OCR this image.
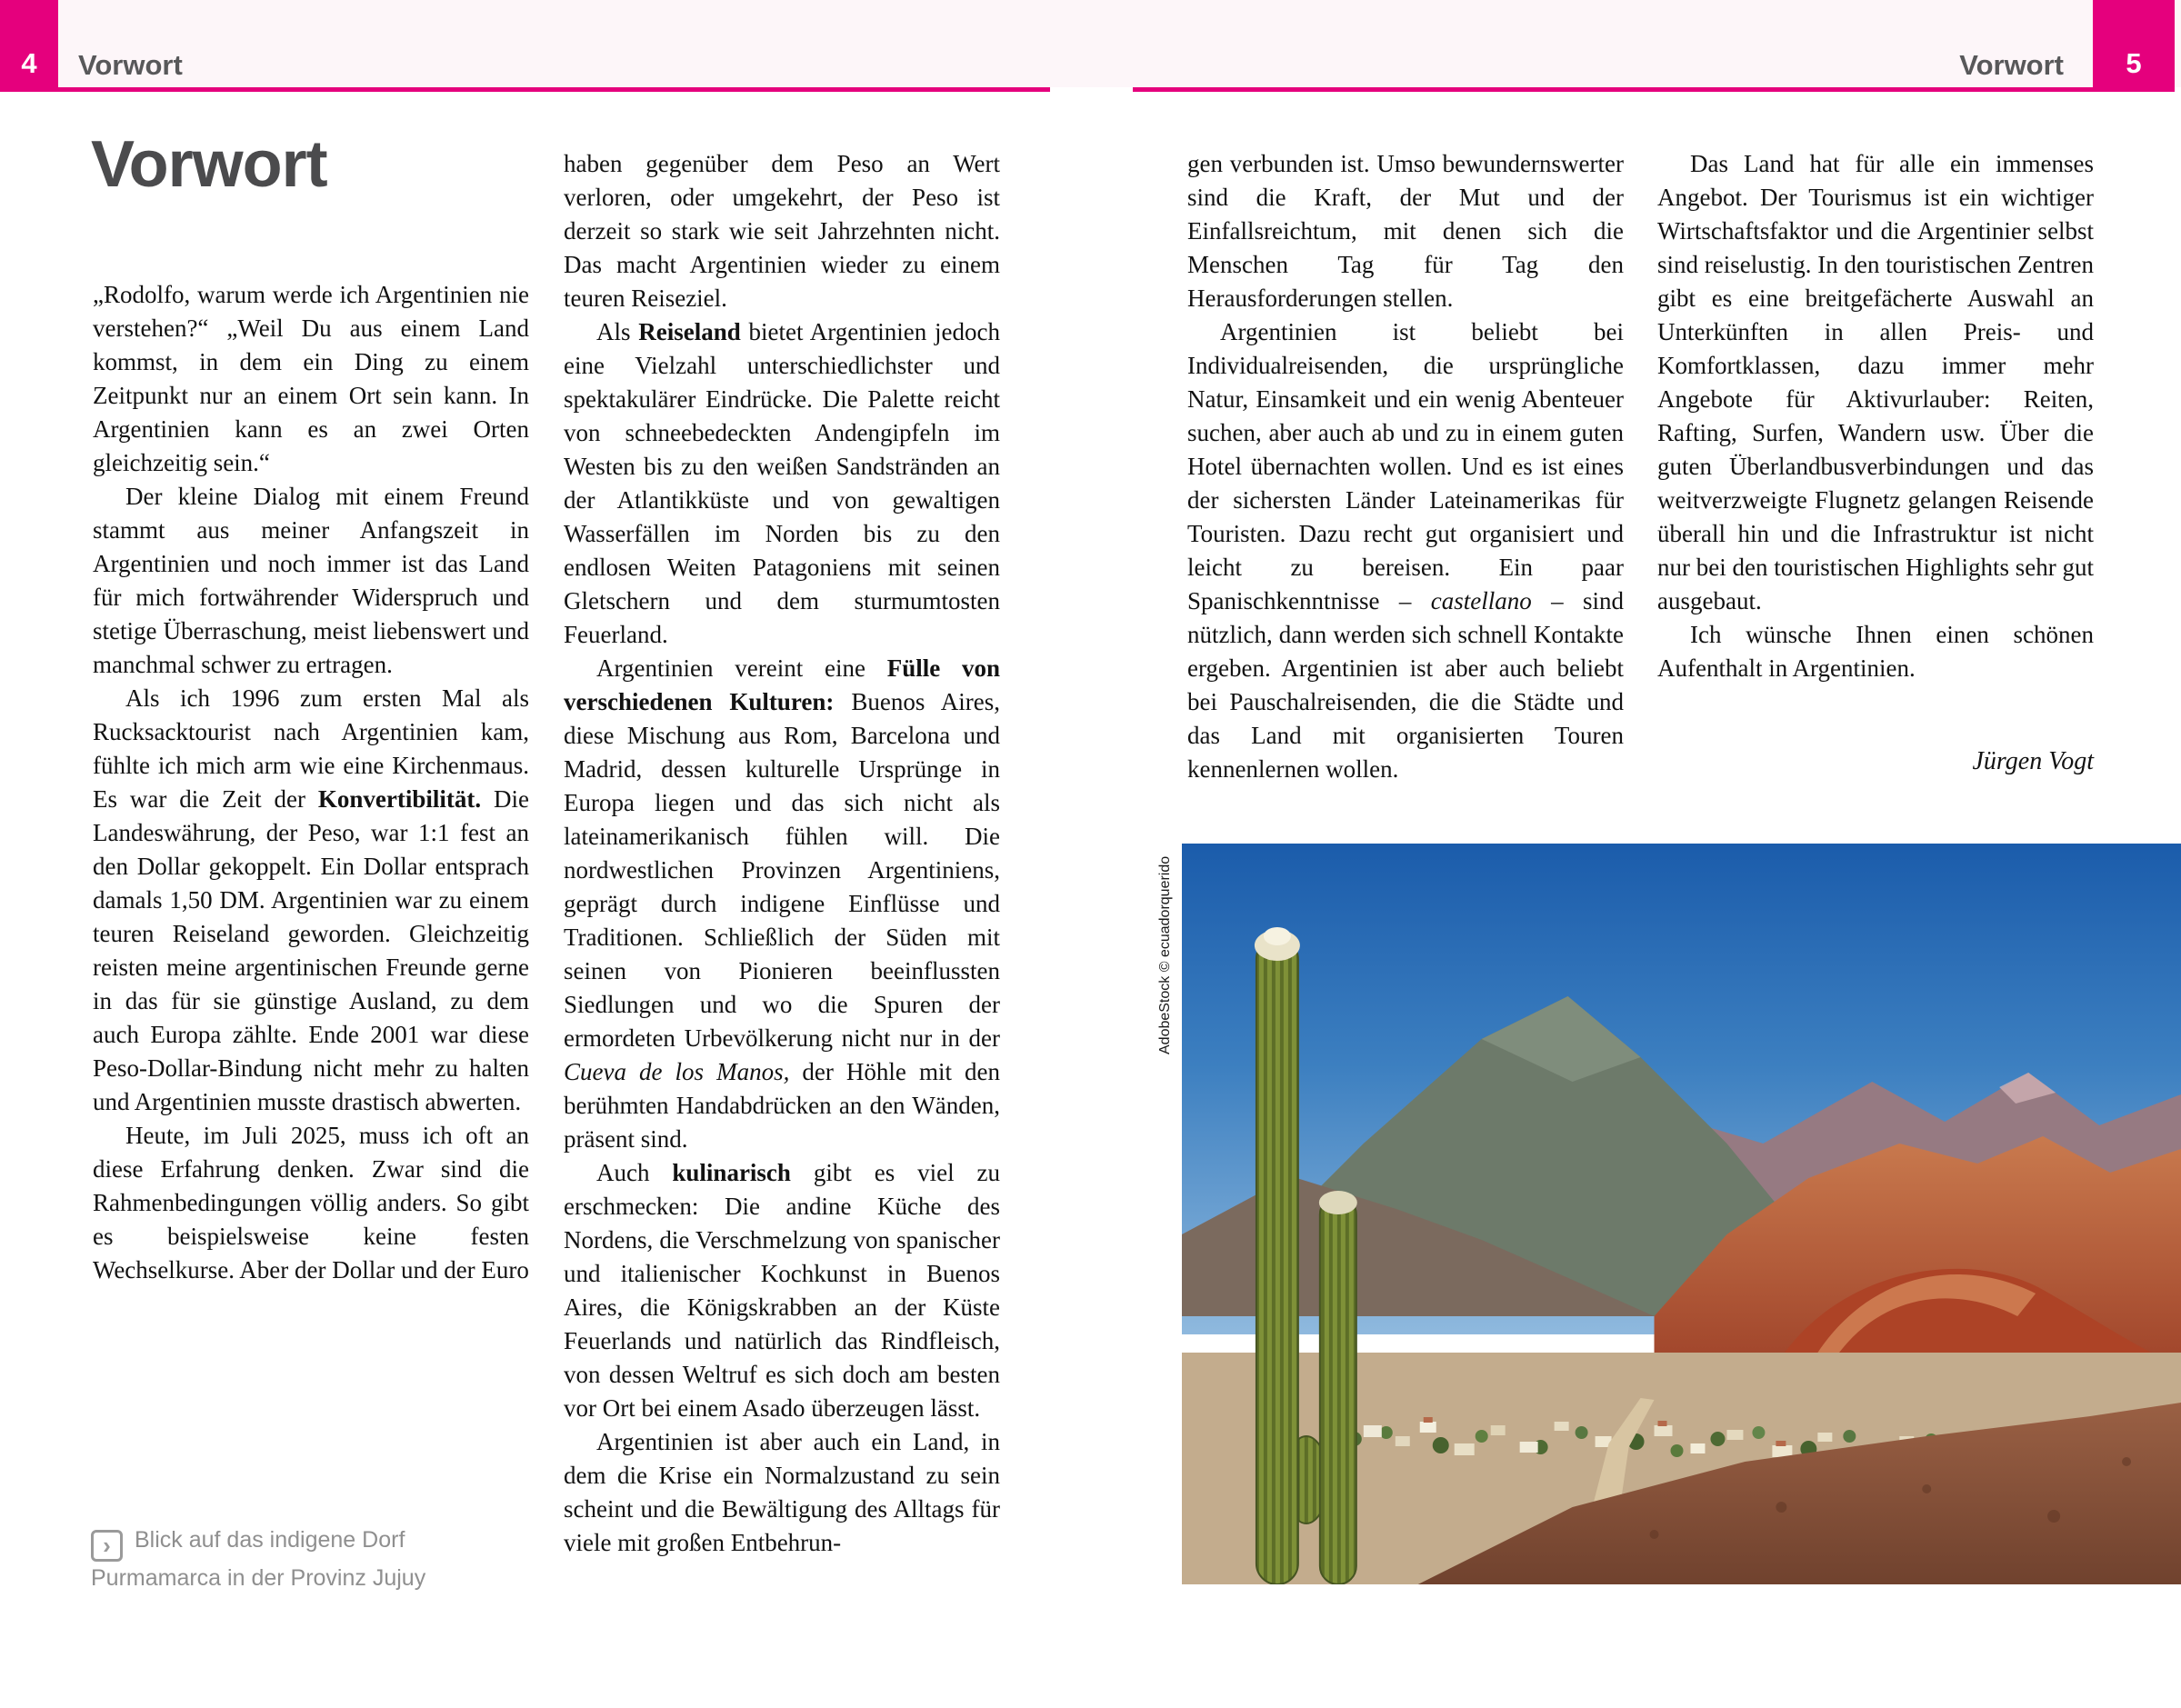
4 Vorwort	Vorwort 5
Vorwort

„Rodolfo, warum werde ich Argentinien nie verstehen?“ „Weil Du aus einem Land kommst, in dem ein Ding zu einem Zeitpunkt nur an einem Ort sein kann. In Argentinien kann es an zwei Orten gleichzeitig sein.“

Der kleine Dialog mit einem Freund stammt aus meiner Anfangszeit in Argentinien und noch immer ist das Land für mich fortwährender Widerspruch und stetige Überraschung, meist liebenswert und manchmal schwer zu ertragen.

Als ich 1996 zum ersten Mal als Rucksacktourist nach Argentinien kam, fühlte ich mich arm wie eine Kirchenmaus. Es war die Zeit der Konvertibilität. Die Landeswährung, der Peso, war 1:1 fest an den Dollar gekoppelt. Ein Dollar entsprach damals 1,50 DM. Argentinien war zu einem teuren Reiseland geworden. Gleichzeitig reisten meine argentinischen Freunde gerne in das für sie günstige Ausland, zu dem auch Europa zählte. Ende 2001 war diese Peso-Dollar-Bindung nicht mehr zu halten und Argentinien musste drastisch abwerten.

Heute, im Juli 2025, muss ich oft an diese Erfahrung denken. Zwar sind die Rahmenbedingungen völlig anders. So gibt es beispielsweise keine festen Wechselkurse. Aber der Dollar und der Euro

haben gegenüber dem Peso an Wert verloren, oder umgekehrt, der Peso ist derzeit so stark wie seit Jahrzehnten nicht. Das macht Argentinien wieder zu einem teuren Reiseziel.

Als Reiseland bietet Argentinien jedoch eine Vielzahl unterschiedlichster und spektakulärer Eindrücke. Die Palette reicht von schneebedeckten Andengipfeln im Westen bis zu den weißen Sandstränden an der Atlantikküste und von gewaltigen Wasserfällen im Norden bis zu den endlosen Weiten Patagoniens mit seinen Gletschern und dem sturmumtosten Feuerland.

Argentinien vereint eine Fülle von verschiedenen Kulturen: Buenos Aires, diese Mischung aus Rom, Barcelona und Madrid, dessen kulturelle Ursprünge in Europa liegen und das sich nicht als lateinamerikanisch fühlen will. Die nordwestlichen Provinzen Argentiniens, geprägt durch indigene Einflüsse und Traditionen. Schließlich der Süden mit seinen von Pionieren beeinflussten Siedlungen und wo die Spuren der ermordeten Urbevölkerung nicht nur in der Cueva de los Manos, der Höhle mit den berühmten Handabdrücken an den Wänden, präsent sind.

Auch kulinarisch gibt es viel zu erschmecken: Die andine Küche des Nordens, die Verschmelzung von spanischer und italienischer Kochkunst in Buenos Aires, die Königskrabben an der Küste Feuerlands und natürlich das Rindfleisch, von dessen Weltruf es sich doch am besten vor Ort bei einem Asado überzeugen lässt.

Argentinien ist aber auch ein Land, in dem die Krise ein Normalzustand zu sein scheint und die Bewältigung des Alltags für viele mit großen Entbehrun-

gen verbunden ist. Umso bewundernswerter sind die Kraft, der Mut und der Einfallsreichtum, mit denen sich die Menschen Tag für Tag den Herausforderungen stellen.

Argentinien ist beliebt bei Individualreisenden, die ursprüngliche Natur, Einsamkeit und ein wenig Abenteuer suchen, aber auch ab und zu in einem guten Hotel übernachten wollen. Und es ist eines der sichersten Länder Lateinamerikas für Touristen. Dazu recht gut organisiert und leicht zu bereisen. Ein paar Spanischkenntnisse – castellano – sind nützlich, dann werden sich schnell Kontakte ergeben. Argentinien ist aber auch beliebt bei Pauschalreisenden, die die Städte und das Land mit organisierten Touren kennenlernen wollen.

Das Land hat für alle ein immenses Angebot. Der Tourismus ist ein wichtiger Wirtschaftsfaktor und die Argentinier selbst sind reiselustig. In den touristischen Zentren gibt es eine breitgefächerte Auswahl an Unterkünften in allen Preis- und Komfortklassen, dazu immer mehr Angebote für Aktivurlauber: Reiten, Rafting, Surfen, Wandern usw. Über die guten Überlandbusverbindungen und das weitverzweigte Flugnetz gelangen Reisende überall hin und die Infrastruktur ist nicht nur bei den touristischen Highlights sehr gut ausgebaut.

Ich wünsche Ihnen einen schönen Aufenthalt in Argentinien.

Jürgen Vogt
› Blick auf das indigene Dorf Purmamarca in der Provinz Jujuy
AdobeStock © ecuadorquerido
